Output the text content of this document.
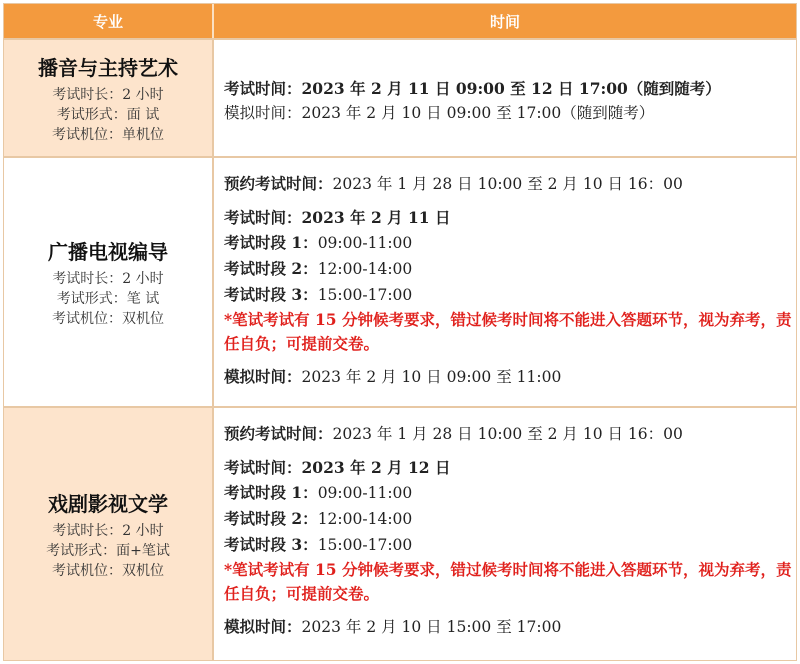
专业	时间
播音与主持艺术
考试时长：2 小时
考试形式：面 试
考试机位：单机位
考试时间：2023 年 2 月 11 日 09:00 至 12 日 17:00（随到随考）
模拟时间：2023 年 2 月 10 日 09:00 至 17:00（随到随考）
广播电视编导
考试时长：2 小时
考试形式：笔 试
考试机位：双机位
预约考试时间：2023 年 1 月 28 日 10:00 至 2 月 10 日 16：00
考试时间：2023 年 2 月 11 日
考试时段 1：09:00-11:00
考试时段 2：12:00-14:00
考试时段 3：15:00-17:00
*笔试考试有 15 分钟候考要求，错过候考时间将不能进入答题环节，视为弃考，责任自负；可提前交卷。
模拟时间：2023 年 2 月 10 日 09:00 至 11:00
戏剧影视文学
考试时长：2 小时
考试形式：面+笔试
考试机位：双机位
预约考试时间：2023 年 1 月 28 日 10:00 至 2 月 10 日 16：00
考试时间：2023 年 2 月 12 日
考试时段 1：09:00-11:00
考试时段 2：12:00-14:00
考试时段 3：15:00-17:00
*笔试考试有 15 分钟候考要求，错过候考时间将不能进入答题环节，视为弃考，责任自负；可提前交卷。
模拟时间：2023 年 2 月 10 日 15:00 至 17:00
